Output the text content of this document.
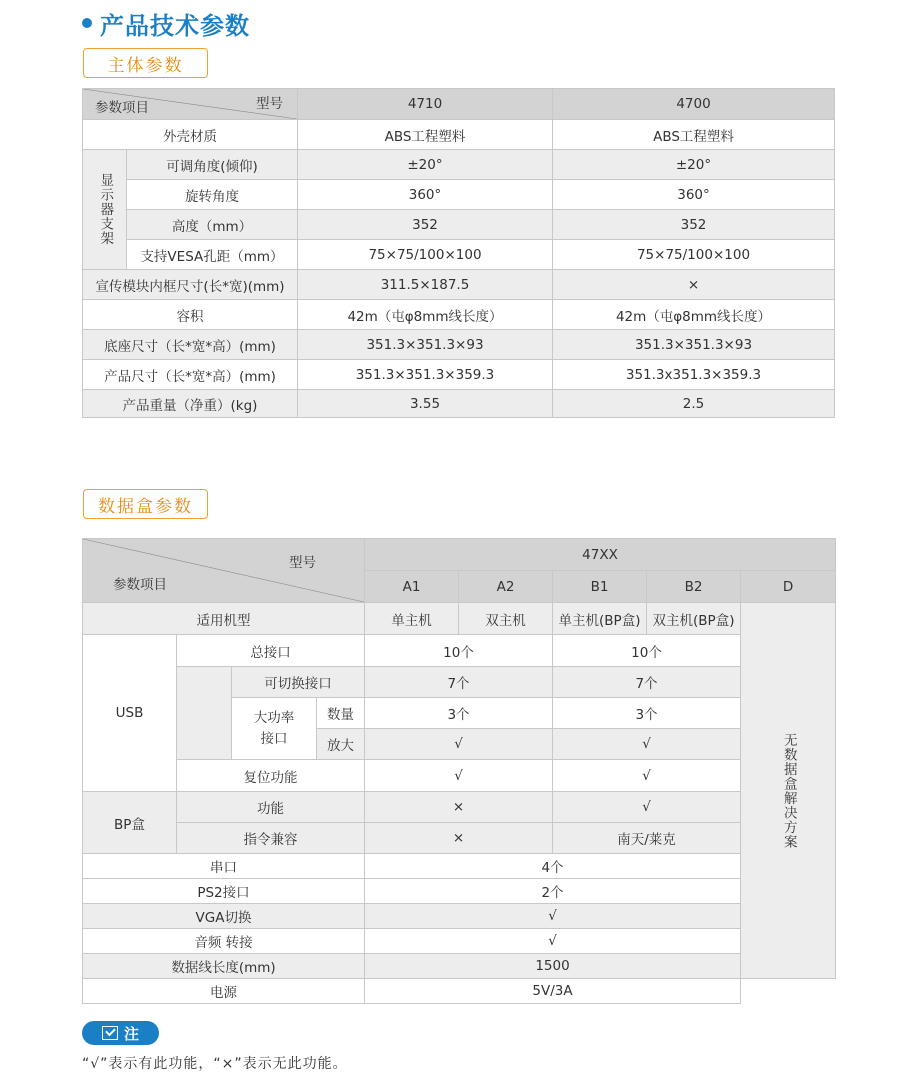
产品技术参数
主体参数
型号
参数项目		4710	4700
外壳材质		ABS工程塑料	ABS工程塑料

显示器支架	可调角度(倾仰)	±20°	±20°
	旋转角度	360°	360°
	高度（mm）	352	352
	支持VESA孔距（mm）	75×75/100×100	75×75/100×100
宣传模块内框尺寸(长*宽)(mm)		311.5×187.5	×
容积		42m（屯φ8mm线长度）	42m（屯φ8mm线长度）
底座尺寸（长*宽*高）(mm)		351.3×351.3×93	351.3×351.3×93
产品尺寸（长*宽*高）(mm)		351.3×351.3×359.3	351.3x351.3×359.3
产品重量（净重）(kg)		3.55	2.5
数据盒参数
型号
参数项目				47XX				
				A1	A2	B1	B2	D
适用机型				单主机	双主机	单主机(BP盒)	双主机(BP盒)	无数据盒解决方案

USB	总接口			10个		10个		
		可切换接口		7个		7个		

		大功率接口	数量	3个		3个		
			放大	√		√		
	复位功能			√		√		
BP盒	功能			×		√		
	指令兼容			×		南天/莱克		
串口				4个				
PS2接口				2个				
VGA切换				√				
音频 转接				√				
数据线长度(mm)				1500				
电源				5V/3A				
注
“√”表示有此功能，“×”表示无此功能。
